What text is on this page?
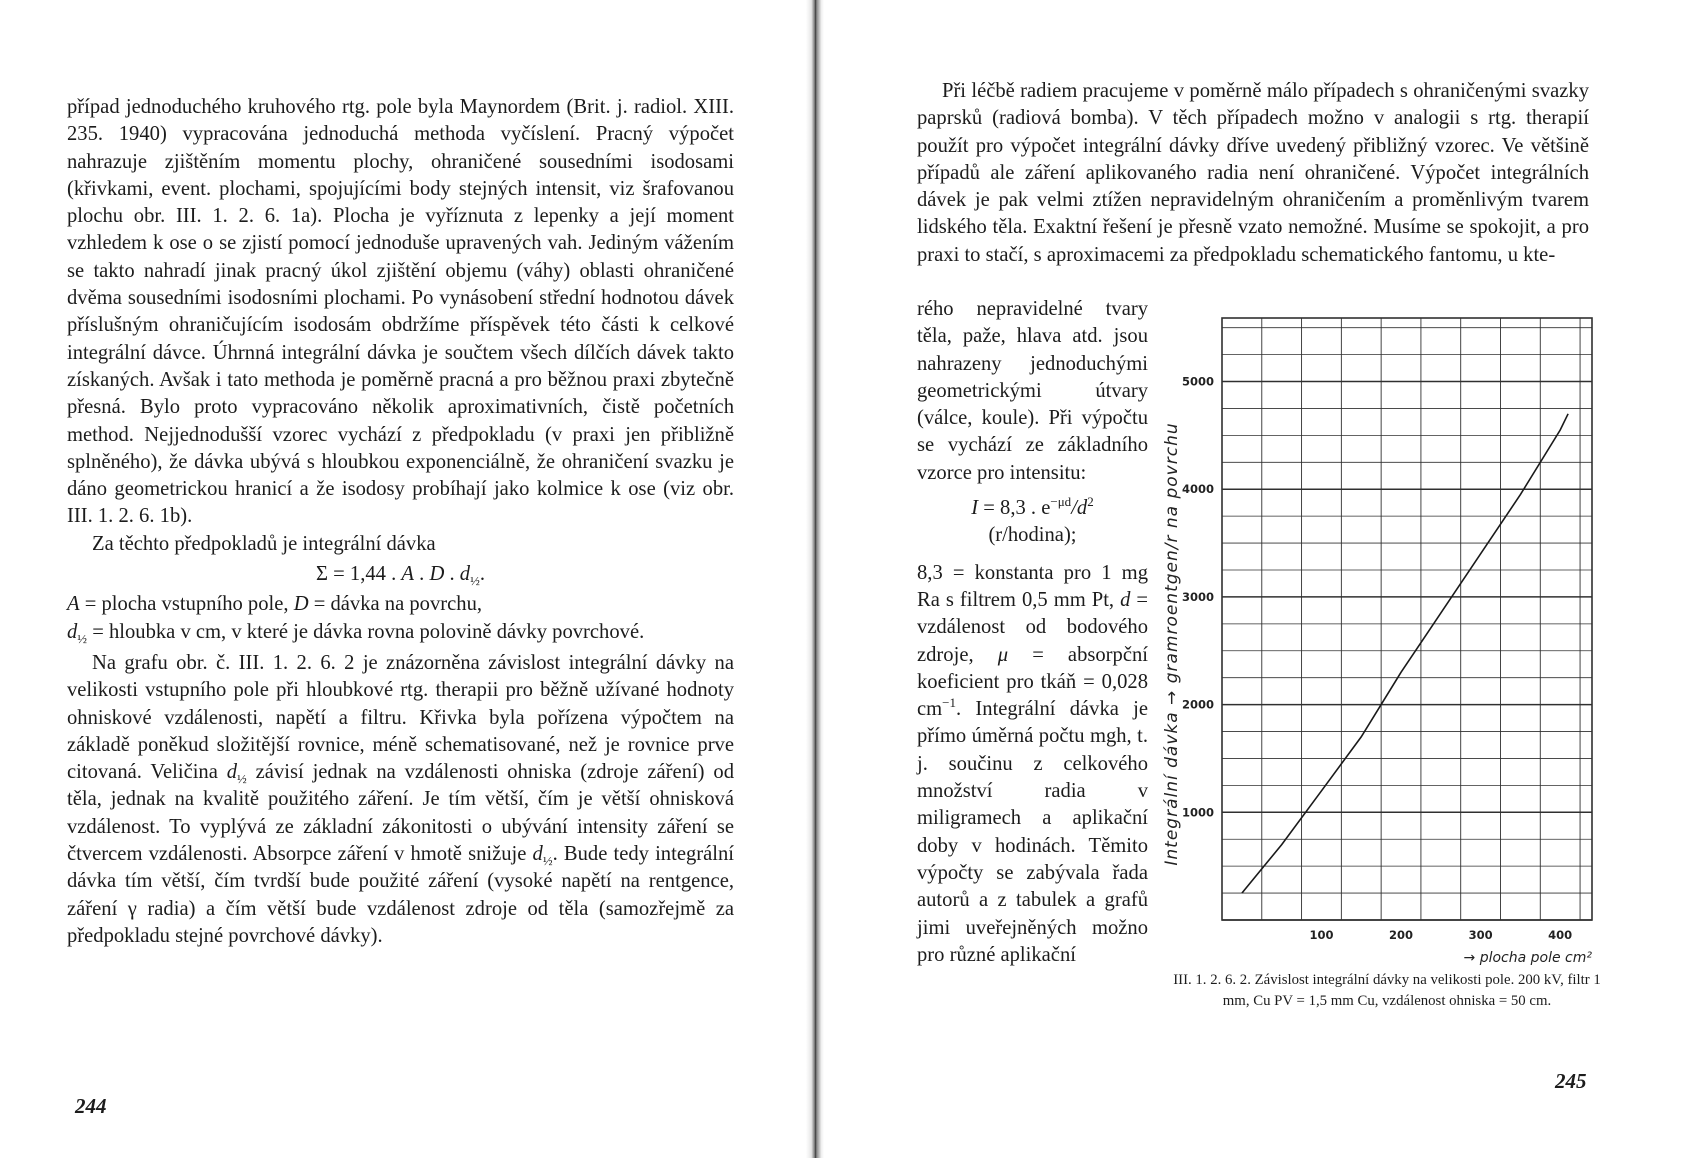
případ jednoduchého kruhového rtg. pole byla Maynordem (Brit. j. radiol. XIII. 235. 1940) vypracována jednoduchá methoda vyčíslení. Pracný výpočet nahrazuje zjištěním momentu plochy, ohraničené sousedními isodosami (křivkami, event. plochami, spojujícími body stejných intensit, viz šrafovanou plochu obr. III. 1. 2. 6. 1a). Plocha je vyříznuta z lepenky a její moment vzhledem k ose o se zjistí pomocí jednoduše upravených vah. Jediným vážením se takto nahradí jinak pracný úkol zjištění objemu (váhy) oblasti ohraničené dvěma sousedními isodosními plochami. Po vynásobení střední hodnotou dávek příslušným ohraničujícím isodosám obdržíme příspěvek této části k celkové integrální dávce. Úhrnná integrální dávka je součtem všech dílčích dávek takto získaných. Avšak i tato methoda je poměrně pracná a pro běžnou praxi zbytečně přesná. Bylo proto vypracováno několik aproximativních, čistě početních method. Nejjednodušší vzorec vychází z předpokladu (v praxi jen přibližně splněného), že dávka ubývá s hloubkou exponenciálně, že ohraničení svazku je dáno geometrickou hranicí a že isodosy probíhají jako kolmice k ose (viz obr. III. 1. 2. 6. 1b).

Za těchto předpokladů je integrální dávka

Σ = 1,44 . A . D . $d_{\frac{1}{2}}$.

A = plocha vstupního pole, D = dávka na povrchu,

$d_{\frac{1}{2}}$ = hloubka v cm, v které je dávka rovna polovině dávky povrchové.

Na grafu obr. č. III. 1. 2. 6. 2 je znázorněna závislost integrální dávky na velikosti vstupního pole při hloubkové rtg. therapii pro běžně užívané hodnoty ohniskové vzdálenosti, napětí a filtru. Křivka byla pořízena výpočtem na základě poněkud složitější rovnice, méně schematisované, než je rovnice prve citovaná. Veličina $d_{\frac{1}{2}}$ závisí jednak na vzdálenosti ohniska (zdroje záření) od těla, jednak na kvalitě použitého záření. Je tím větší, čím je větší ohnisková vzdálenost. To vyplývá ze základní zákonitosti o ubývání intensity záření se čtvercem vzdálenosti. Absorpce záření v hmotě snižuje $d_{\frac{1}{2}}$. Bude tedy integrální dávka tím větší, čím tvrdší bude použité záření (vysoké napětí na rentgence, záření γ radia) a čím větší bude vzdálenost zdroje od těla (samozřejmě za předpokladu stejné povrchové dávky).

244

Při léčbě radiem pracujeme v poměrně málo případech s ohraničenými svazky paprsků (radiová bomba). V těch případech možno v analogii s rtg. therapií použít pro výpočet integrální dávky dříve uvedený přibližný vzorec. Ve většině případů ale záření aplikovaného radia není ohraničené. Výpočet integrálních dávek je pak velmi ztížen nepravidelným ohraničením a proměnlivým tvarem lidského těla. Exaktní řešení je přesně vzato nemožné. Musíme se spokojit, a pro praxi to stačí, s aproximacemi za předpokladu schematického fantomu, u kte-

rého nepravidelné tvary těla, paže, hlava atd. jsou nahrazeny jednoduchými geometrickými útvary (válce, koule). Při výpočtu se vychází ze základního vzorce pro intensitu:

I = 8,3 . $e^{-\mu d}/d^2$

(r/hodina);

8,3 = konstanta pro 1 mg Ra s filtrem 0,5 mm Pt, d = vzdálenost od bodového zdroje, μ = absorpční koeficient pro tkáň = 0,028 $cm^{-1}$. Integrální dávka je přímo úměrná počtu mgh, t. j. součinu z celkového množství radia v miligramech a aplikační doby v hodinách. Těmito výpočty se zabývala řada autorů a z tabulek a grafů jimi uveřejněných možno pro různé aplikační

Integrální dávka → gramroentgen/r na povrchu
100	200	300	400
1000
2000
3000
4000
5000
→ plocha pole cm²
III. 1. 2. 6. 2. Závislost integrální dávky na velikosti pole. 200 kV, filtr 1 mm, Cu PV = 1,5 mm Cu, vzdálenost ohniska = 50 cm.
245
